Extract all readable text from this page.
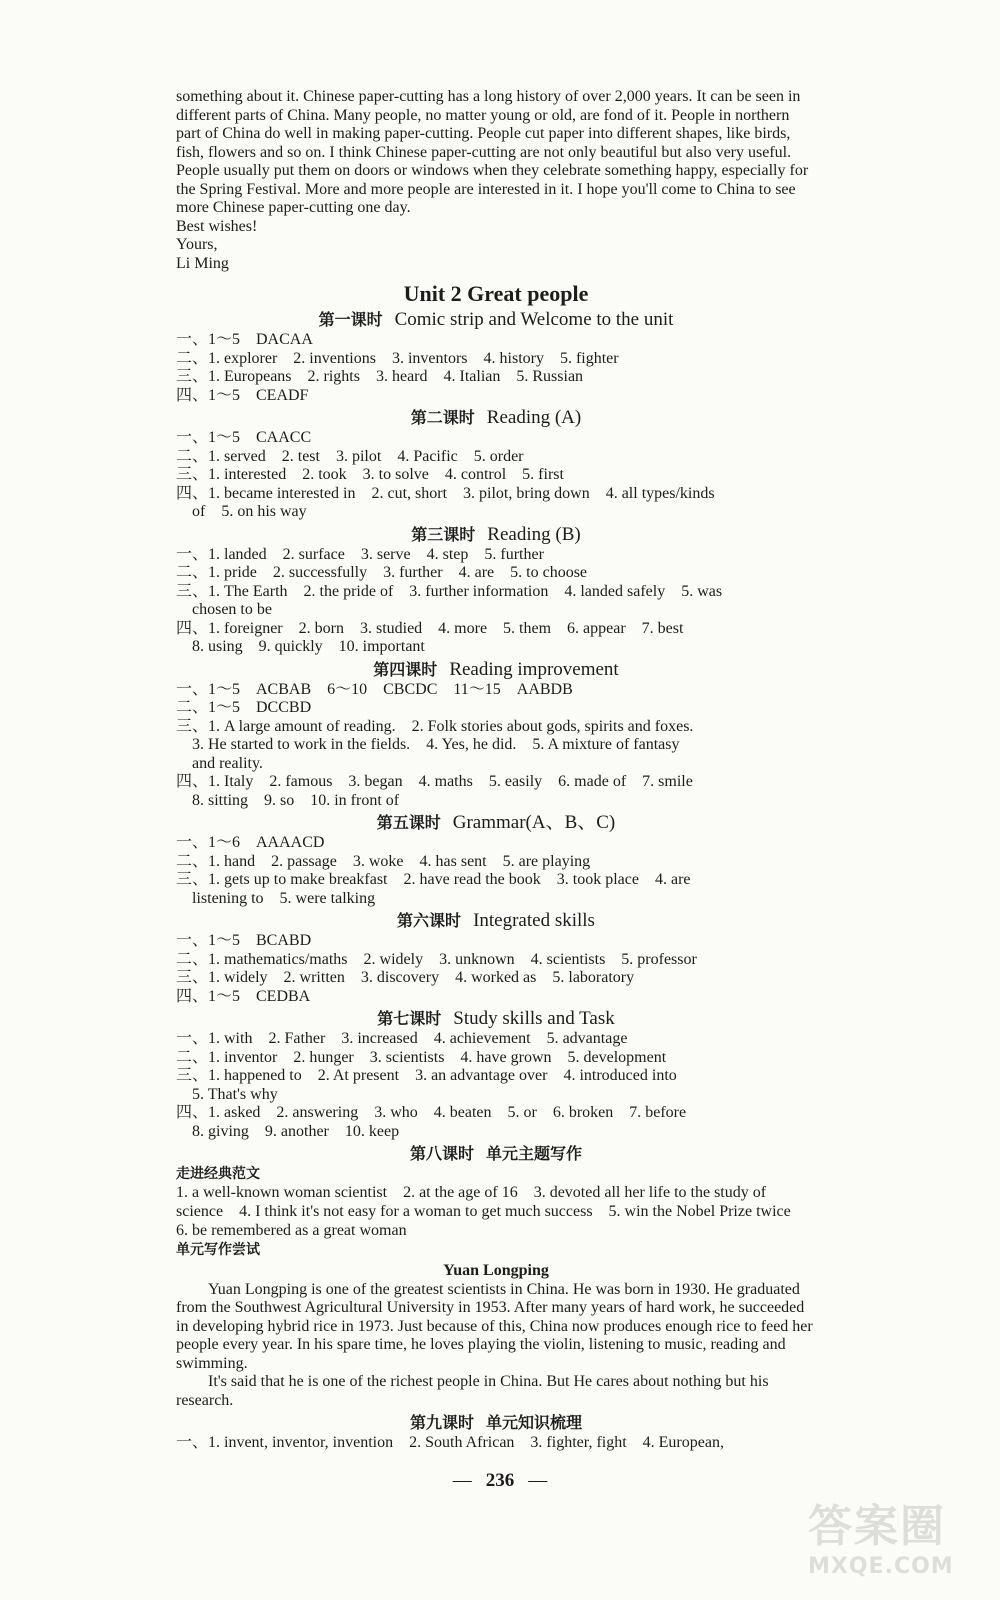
something about it. Chinese paper-cutting has a long history of over 2,000 years. It can be seen in different parts of China. Many people, no matter young or old, are fond of it. People in northern part of China do well in making paper-cutting. People cut paper into different shapes, like birds, fish, flowers and so on. I think Chinese paper-cutting are not only beautiful but also very useful. People usually put them on doors or windows when they celebrate something happy, especially for the Spring Festival. More and more people are interested in it. I hope you'll come to China to see more Chinese paper-cutting one day.

Best wishes!
Yours,
Li Ming
Unit 2 Great people
第一课时 Comic strip and Welcome to the unit
一、1～5　DACAA
二、1. explorer　2. inventions　3. inventors　4. history　5. fighter
三、1. Europeans　2. rights　3. heard　4. Italian　5. Russian
四、1～5　CEADF
第二课时 Reading (A)
一、1～5　CAACC
二、1. served　2. test　3. pilot　4. Pacific　5. order
三、1. interested　2. took　3. to solve　4. control　5. first
四、1. became interested in　2. cut, short　3. pilot, bring down　4. all types/kinds
　of　5. on his way
第三课时 Reading (B)
一、1. landed　2. surface　3. serve　4. step　5. further
二、1. pride　2. successfully　3. further　4. are　5. to choose
三、1. The Earth　2. the pride of　3. further information　4. landed safely　5. was
　chosen to be
四、1. foreigner　2. born　3. studied　4. more　5. them　6. appear　7. best
　8. using　9. quickly　10. important
第四课时 Reading improvement
一、1～5　ACBAB　6～10　CBCDC　11～15　AABDB
二、1～5　DCCBD
三、1. A large amount of reading.　2. Folk stories about gods, spirits and foxes.
　3. He started to work in the fields.　4. Yes, he did.　5. A mixture of fantasy
　and reality.
四、1. Italy　2. famous　3. began　4. maths　5. easily　6. made of　7. smile
　8. sitting　9. so　10. in front of
第五课时 Grammar(A、B、C)
一、1～6　AAAACD
二、1. hand　2. passage　3. woke　4. has sent　5. are playing
三、1. gets up to make breakfast　2. have read the book　3. took place　4. are
　listening to　5. were talking
第六课时 Integrated skills
一、1～5　BCABD
二、1. mathematics/maths　2. widely　3. unknown　4. scientists　5. professor
三、1. widely　2. written　3. discovery　4. worked as　5. laboratory
四、1～5　CEDBA
第七课时 Study skills and Task
一、1. with　2. Father　3. increased　4. achievement　5. advantage
二、1. inventor　2. hunger　3. scientists　4. have grown　5. development
三、1. happened to　2. At present　3. an advantage over　4. introduced into
　5. That's why
四、1. asked　2. answering　3. who　4. beaten　5. or　6. broken　7. before
　8. giving　9. another　10. keep
第八课时 单元主题写作
走进经典范文

1. a well-known woman scientist　2. at the age of 16　3. devoted all her life to the study of science　4. I think it's not easy for a woman to get much success　5. win the Nobel Prize twice　6. be remembered as a great woman

单元写作尝试
Yuan Longping

Yuan Longping is one of the greatest scientists in China. He was born in 1930. He graduated from the Southwest Agricultural University in 1953. After many years of hard work, he succeeded in developing hybrid rice in 1973. Just because of this, China now produces enough rice to feed her people every year. In his spare time, he loves playing the violin, listening to music, reading and swimming.

It's said that he is one of the richest people in China. But He cares about nothing but his research.

第九课时 单元知识梳理
一、1. invent, inventor, invention　2. South African　3. fighter, fight　4. European,
— 236 —
答案圈
MXQE.COM
